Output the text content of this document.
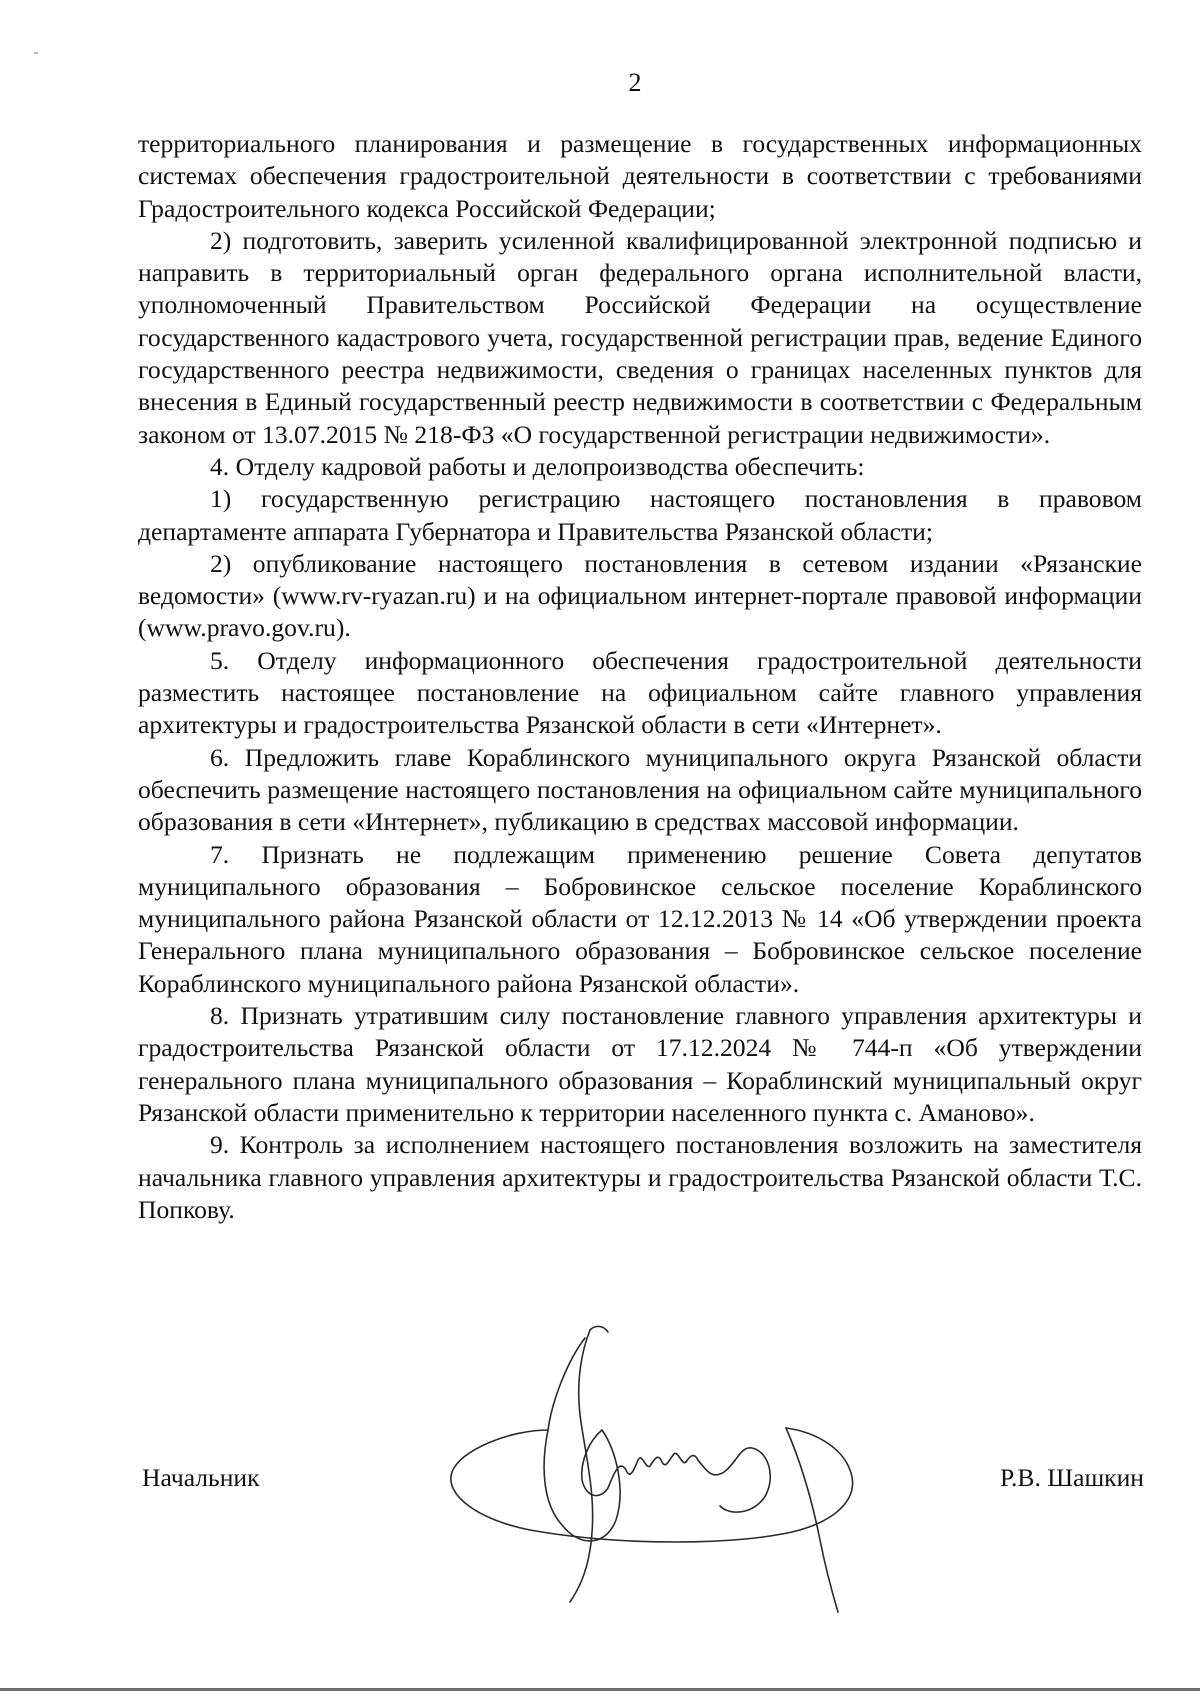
2

территориального планирования и размещение в государственных информационных системах обеспечения градостроительной деятельности в соответствии с требованиями Градостроительного кодекса Российской Федерации;

2) подготовить, заверить усиленной квалифицированной электронной подписью и направить в территориальный орган федерального органа исполнительной власти, уполномоченный Правительством Российской Федерации на осуществление государственного кадастрового учета, государственной регистрации прав, ведение Единого государственного реестра недвижимости, сведения о границах населенных пунктов для внесения в Единый государственный реестр недвижимости в соответствии с Федеральным законом от 13.07.2015 № 218-ФЗ «О государственной регистрации недвижимости».

4. Отделу кадровой работы и делопроизводства обеспечить:

1) государственную регистрацию настоящего постановления в правовом департаменте аппарата Губернатора и Правительства Рязанской области;

2) опубликование настоящего постановления в сетевом издании «Рязанские ведомости» (www.rv-ryazan.ru) и на официальном интернет-портале правовой информации (www.pravo.gov.ru).

5. Отделу информационного обеспечения градостроительной деятельности разместить настоящее постановление на официальном сайте главного управления архитектуры и градостроительства Рязанской области в сети «Интернет».

6. Предложить главе Кораблинского муниципального округа Рязанской области обеспечить размещение настоящего постановления на официальном сайте муниципального образования в сети «Интернет», публикацию в средствах массовой информации.

7. Признать не подлежащим применению решение Совета депутатов муниципального образования – Бобровинское сельское поселение Кораблинского муниципального района Рязанской области от 12.12.2013 № 14 «Об утверждении проекта Генерального плана муниципального образования – Бобровинское сельское поселение Кораблинского муниципального района Рязанской области».

8. Признать утратившим силу постановление главного управления архитектуры и градостроительства Рязанской области от 17.12.2024 № 744-п «Об утверждении генерального плана муниципального образования – Кораблинский муниципальный округ Рязанской области применительно к территории населенного пункта с. Аманово».

9. Контроль за исполнением настоящего постановления возложить на заместителя начальника главного управления архитектуры и градостроительства Рязанской области Т.С. Попкову.

Начальник	Р.В. Шашкин
